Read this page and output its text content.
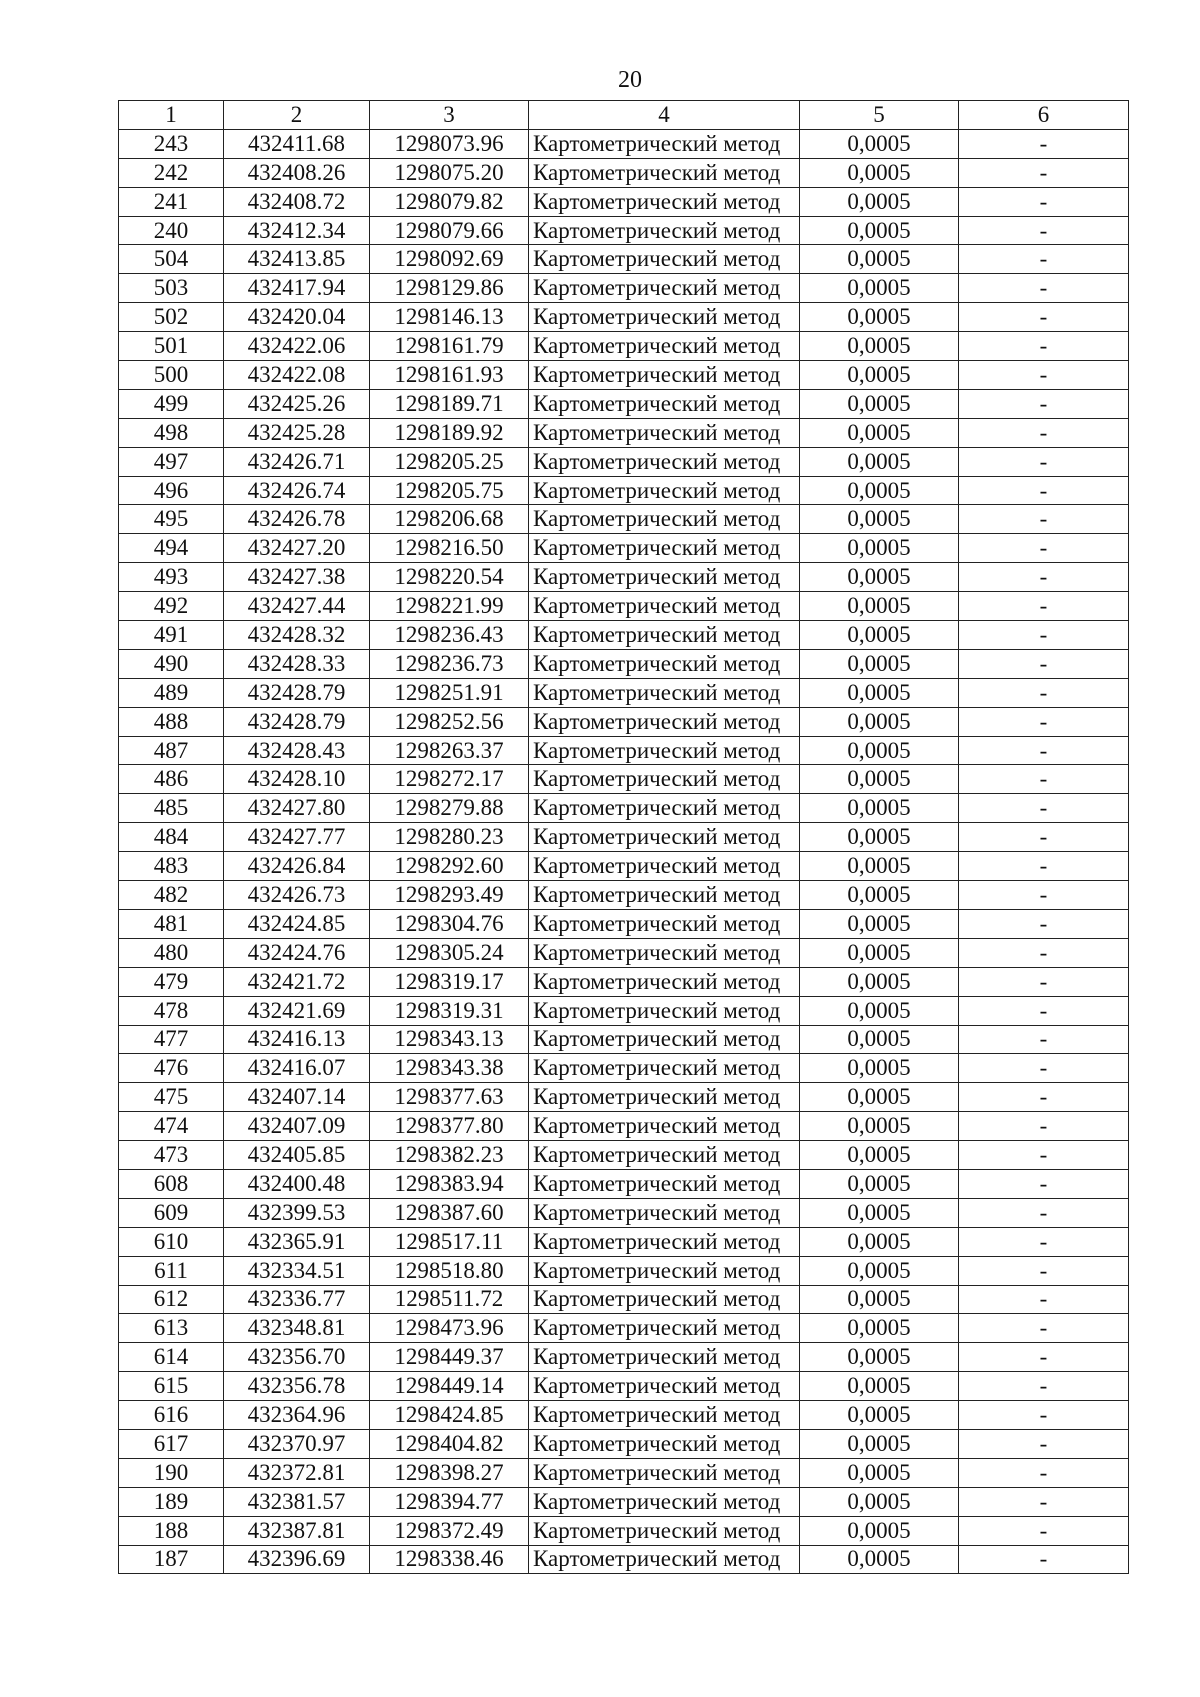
20
1	2	3	4	5	6
243	432411.68	1298073.96	Картометрический метод	0,0005	-
242	432408.26	1298075.20	Картометрический метод	0,0005	-
241	432408.72	1298079.82	Картометрический метод	0,0005	-
240	432412.34	1298079.66	Картометрический метод	0,0005	-
504	432413.85	1298092.69	Картометрический метод	0,0005	-
503	432417.94	1298129.86	Картометрический метод	0,0005	-
502	432420.04	1298146.13	Картометрический метод	0,0005	-
501	432422.06	1298161.79	Картометрический метод	0,0005	-
500	432422.08	1298161.93	Картометрический метод	0,0005	-
499	432425.26	1298189.71	Картометрический метод	0,0005	-
498	432425.28	1298189.92	Картометрический метод	0,0005	-
497	432426.71	1298205.25	Картометрический метод	0,0005	-
496	432426.74	1298205.75	Картометрический метод	0,0005	-
495	432426.78	1298206.68	Картометрический метод	0,0005	-
494	432427.20	1298216.50	Картометрический метод	0,0005	-
493	432427.38	1298220.54	Картометрический метод	0,0005	-
492	432427.44	1298221.99	Картометрический метод	0,0005	-
491	432428.32	1298236.43	Картометрический метод	0,0005	-
490	432428.33	1298236.73	Картометрический метод	0,0005	-
489	432428.79	1298251.91	Картометрический метод	0,0005	-
488	432428.79	1298252.56	Картометрический метод	0,0005	-
487	432428.43	1298263.37	Картометрический метод	0,0005	-
486	432428.10	1298272.17	Картометрический метод	0,0005	-
485	432427.80	1298279.88	Картометрический метод	0,0005	-
484	432427.77	1298280.23	Картометрический метод	0,0005	-
483	432426.84	1298292.60	Картометрический метод	0,0005	-
482	432426.73	1298293.49	Картометрический метод	0,0005	-
481	432424.85	1298304.76	Картометрический метод	0,0005	-
480	432424.76	1298305.24	Картометрический метод	0,0005	-
479	432421.72	1298319.17	Картометрический метод	0,0005	-
478	432421.69	1298319.31	Картометрический метод	0,0005	-
477	432416.13	1298343.13	Картометрический метод	0,0005	-
476	432416.07	1298343.38	Картометрический метод	0,0005	-
475	432407.14	1298377.63	Картометрический метод	0,0005	-
474	432407.09	1298377.80	Картометрический метод	0,0005	-
473	432405.85	1298382.23	Картометрический метод	0,0005	-
608	432400.48	1298383.94	Картометрический метод	0,0005	-
609	432399.53	1298387.60	Картометрический метод	0,0005	-
610	432365.91	1298517.11	Картометрический метод	0,0005	-
611	432334.51	1298518.80	Картометрический метод	0,0005	-
612	432336.77	1298511.72	Картометрический метод	0,0005	-
613	432348.81	1298473.96	Картометрический метод	0,0005	-
614	432356.70	1298449.37	Картометрический метод	0,0005	-
615	432356.78	1298449.14	Картометрический метод	0,0005	-
616	432364.96	1298424.85	Картометрический метод	0,0005	-
617	432370.97	1298404.82	Картометрический метод	0,0005	-
190	432372.81	1298398.27	Картометрический метод	0,0005	-
189	432381.57	1298394.77	Картометрический метод	0,0005	-
188	432387.81	1298372.49	Картометрический метод	0,0005	-
187	432396.69	1298338.46	Картометрический метод	0,0005	-
